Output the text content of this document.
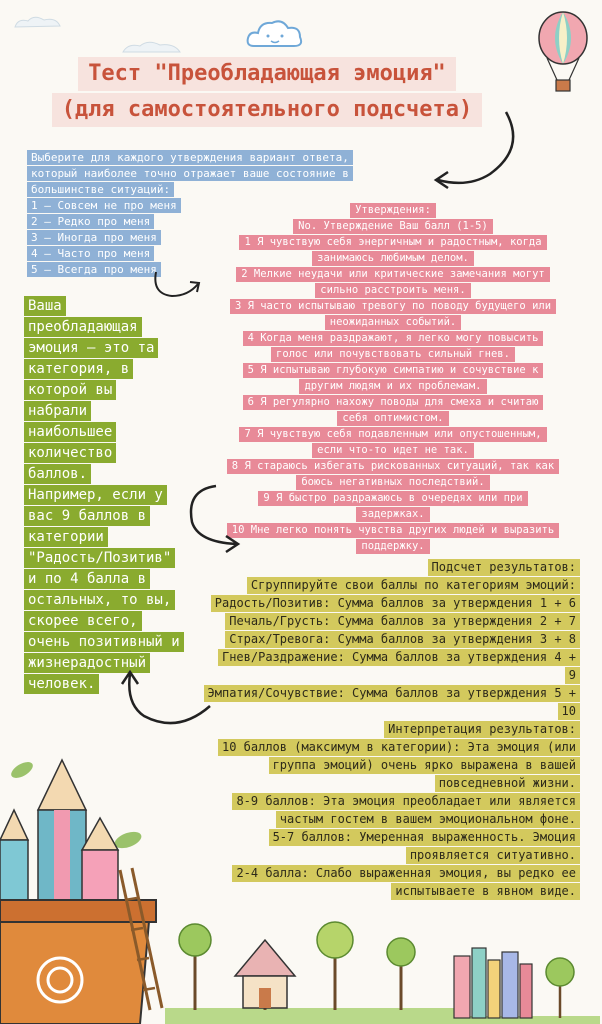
Тест "Преобладающая эмоция"
(для самостоятельного подсчета)
Выберите для каждого утверждения вариант ответа,
который наиболее точно отражает ваше состояние в
большинстве ситуаций:
1 — Совсем не про меня
2 — Редко про меня
3 — Иногда про меня
4 — Часто про меня
5 — Всегда про меня
Утверждения:
No. Утверждение Ваш балл (1-5)
1 Я чувствую себя энергичным и радостным, когда
занимаюсь любимым делом.
2 Мелкие неудачи или критические замечания могут
сильно расстроить меня.
3 Я часто испытываю тревогу по поводу будущего или
неожиданных событий.
4 Когда меня раздражают, я легко могу повысить
голос или почувствовать сильный гнев.
5 Я испытываю глубокую симпатию и сочувствие к
другим людям и их проблемам.
6 Я регулярно нахожу поводы для смеха и считаю
себя оптимистом.
7 Я чувствую себя подавленным или опустошенным,
если что-то идет не так.
8 Я стараюсь избегать рискованных ситуаций, так как
боюсь негативных последствий.
9 Я быстро раздражаюсь в очередях или при
задержках.
10 Мне легко понять чувства других людей и выразить
поддержку.
Ваша
преобладающая
эмоция — это та
категория, в
которой вы
набрали
наибольшее
количество
баллов.
Например, если у
вас 9 баллов в
категории
"Радость/Позитив"
и по 4 балла в
остальных, то вы,
скорее всего,
очень позитивный и
жизнерадостный
человек.
Подсчет результатов:
Сгруппируйте свои баллы по категориям эмоций:
Радость/Позитив: Сумма баллов за утверждения 1 + 6
Печаль/Грусть: Сумма баллов за утверждения 2 + 7
Страх/Тревога: Сумма баллов за утверждения 3 + 8
Гнев/Раздражение: Сумма баллов за утверждения 4 +
9
Эмпатия/Сочувствие: Сумма баллов за утверждения 5 +
10
Интерпретация результатов:
10 баллов (максимум в категории): Эта эмоция (или
группа эмоций) очень ярко выражена в вашей
повседневной жизни.
8-9 баллов: Эта эмоция преобладает или является
частым гостем в вашем эмоциональном фоне.
5-7 баллов: Умеренная выраженность. Эмоция
проявляется ситуативно.
2-4 балла: Слабо выраженная эмоция, вы редко ее
испытываете в явном виде.
